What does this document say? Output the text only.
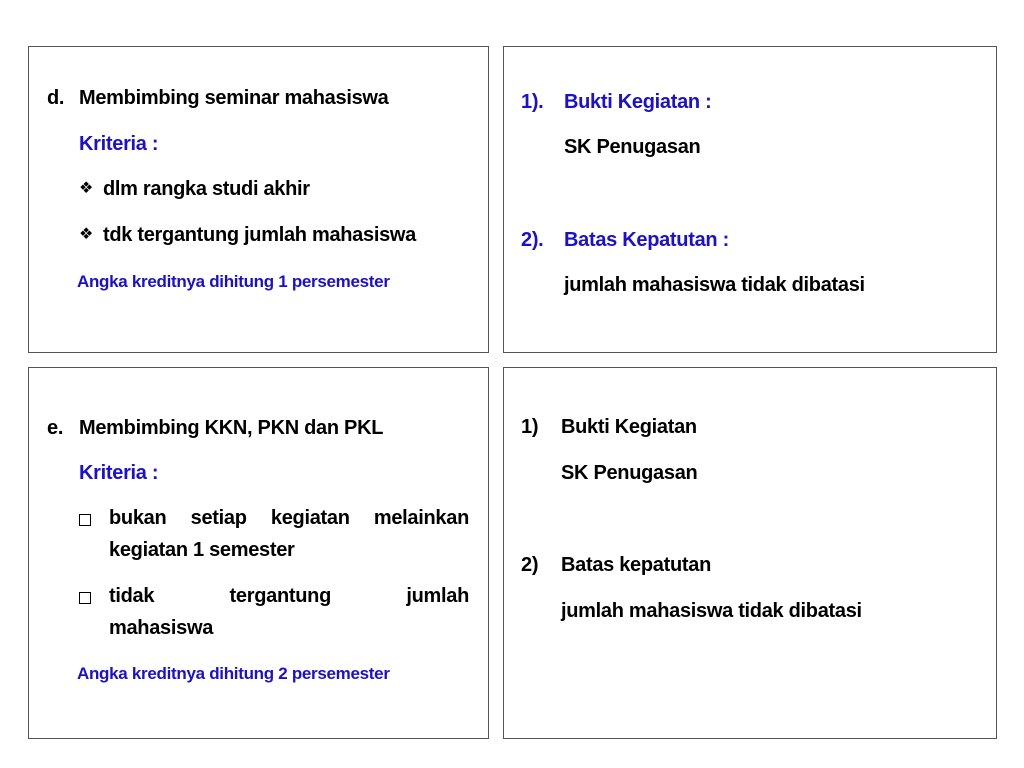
d. Membimbing seminar mahasiswa
Kriteria :
❖dlm rangka studi akhir
❖tdk tergantung jumlah mahasiswa
Angka kreditnya dihitung 1 persemester
1). Bukti Kegiatan :
SK Penugasan
2). Batas Kepatutan :
jumlah mahasiswa tidak dibatasi
e. Membimbing KKN, PKN dan PKL
Kriteria :
bukan setiap kegiatan melainkan
kegiatan 1 semester
tidak	tergantung	jumlah
mahasiswa
Angka kreditnya dihitung 2 persemester
1) Bukti Kegiatan
SK Penugasan
2) Batas kepatutan
jumlah mahasiswa tidak dibatasi
